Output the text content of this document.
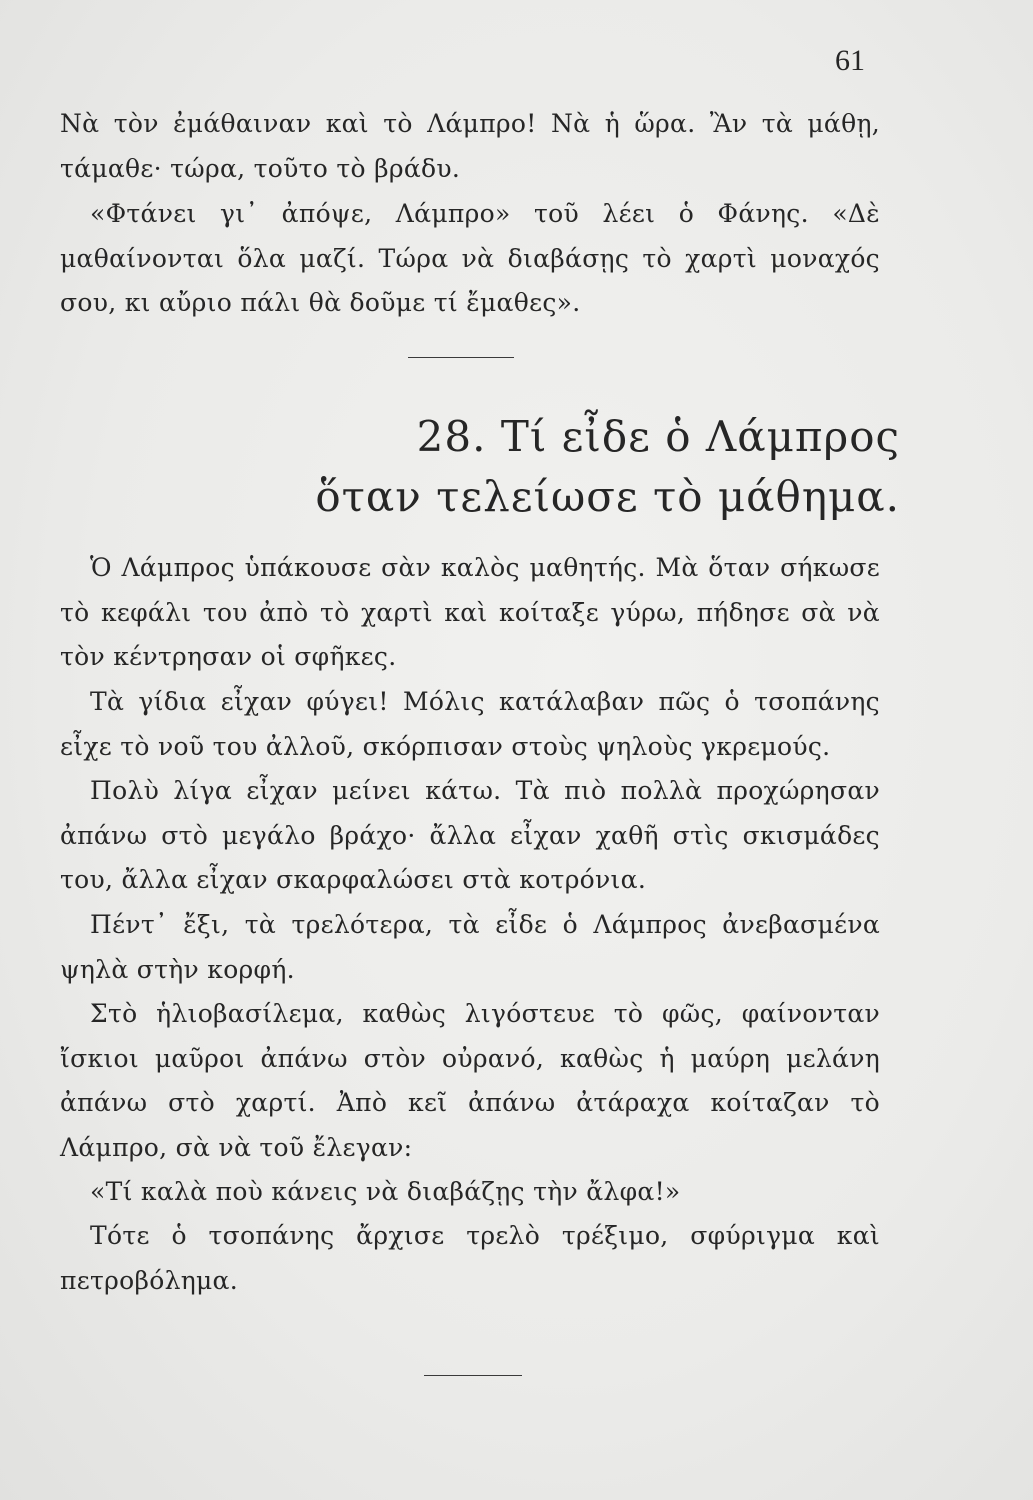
61

Νὰ τὸν ἐμάθαιναν καὶ τὸ Λάμπρο! Νὰ ἡ ὥρα. Ἂν τὰ μάθῃ, τάμαθε· τώρα, τοῦτο τὸ βράδυ.

«Φτάνει γι᾽ ἀπόψε, Λάμπρο» τοῦ λέει ὁ Φάνης. «Δὲ μαθαίνονται ὅλα μαζί. Τώρα νὰ διαβάσῃς τὸ χαρτὶ μοναχός σου, κι αὔριο πάλι θὰ δοῦμε τί ἔμαθες».

28. Τί εἶδε ὁ Λάμπρος
ὅταν τελείωσε τὸ μάθημα.

Ὁ Λάμπρος ὑπάκουσε σὰν καλὸς μαθητής. Μὰ ὅταν σήκωσε τὸ κεφάλι του ἀπὸ τὸ χαρτὶ καὶ κοίταξε γύρω, πήδησε σὰ νὰ τὸν κέντρησαν οἱ σφῆκες.

Τὰ γίδια εἶχαν φύγει! Μόλις κατάλαβαν πῶς ὁ τσοπάνης εἶχε τὸ νοῦ του ἀλλοῦ, σκόρπισαν στοὺς ψηλοὺς γκρεμούς.

Πολὺ λίγα εἶχαν μείνει κάτω. Τὰ πιὸ πολλὰ προχώρησαν ἀπάνω στὸ μεγάλο βράχο· ἄλλα εἶχαν χαθῆ στὶς σκισμάδες του, ἄλλα εἶχαν σκαρφαλώσει στὰ κοτρόνια.

Πέντ᾽ ἔξι, τὰ τρελότερα, τὰ εἶδε ὁ Λάμπρος ἀνεβασμένα ψηλὰ στὴν κορφή.

Στὸ ἡλιοβασίλεμα, καθὼς λιγόστευε τὸ φῶς, φαίνονταν ἴσκιοι μαῦροι ἀπάνω στὸν οὐρανό, καθὼς ἡ μαύρη μελάνη ἀπάνω στὸ χαρτί. Ἀπὸ κεῖ ἀπάνω ἀτάραχα κοίταζαν τὸ Λάμπρο, σὰ νὰ τοῦ ἔλεγαν:

«Τί καλὰ ποὺ κάνεις νὰ διαβάζῃς τὴν ἄλφα!»

Τότε ὁ τσοπάνης ἄρχισε τρελὸ τρέξιμο, σφύριγμα καὶ πετροβόλημα.
